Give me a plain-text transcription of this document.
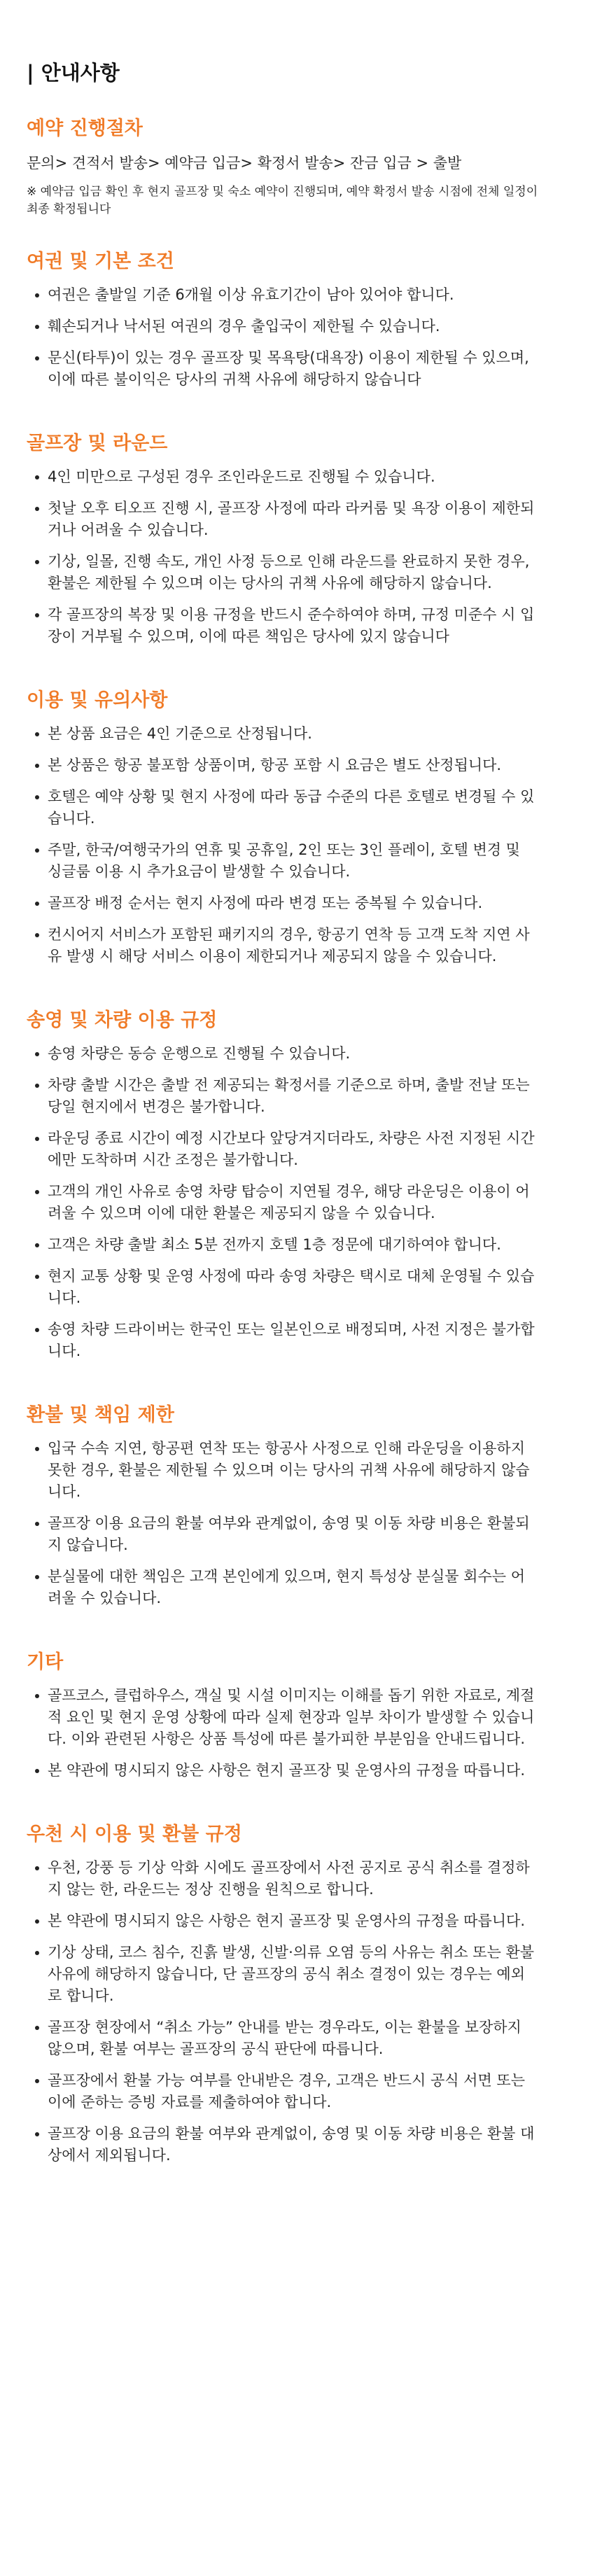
| 안내사항
예약 진행절차

문의> 견적서 발송> 예약금 입금> 확정서 발송> 잔금 입금 > 출발

※ 예약금 입금 확인 후 현지 골프장 및 숙소 예약이 진행되며, 예약 확정서 발송 시점에 전체 일정이 최종 확정됩니다

여권 및 기본 조건
여권은 출발일 기준 6개월 이상 유효기간이 남아 있어야 합니다.
훼손되거나 낙서된 여권의 경우 출입국이 제한될 수 있습니다.
문신(타투)이 있는 경우 골프장 및 목욕탕(대욕장) 이용이 제한될 수 있으며, 이에 따른 불이익은 당사의 귀책 사유에 해당하지 않습니다
골프장 및 라운드
4인 미만으로 구성된 경우 조인라운드로 진행될 수 있습니다.
첫날 오후 티오프 진행 시, 골프장 사정에 따라 라커룸 및 욕장 이용이 제한되거나 어려울 수 있습니다.
기상, 일몰, 진행 속도, 개인 사정 등으로 인해 라운드를 완료하지 못한 경우, 환불은 제한될 수 있으며 이는 당사의 귀책 사유에 해당하지 않습니다.
각 골프장의 복장 및 이용 규정을 반드시 준수하여야 하며, 규정 미준수 시 입장이 거부될 수 있으며, 이에 따른 책임은 당사에 있지 않습니다
이용 및 유의사항
본 상품 요금은 4인 기준으로 산정됩니다.
본 상품은 항공 불포함 상품이며, 항공 포함 시 요금은 별도 산정됩니다.
호텔은 예약 상황 및 현지 사정에 따라 동급 수준의 다른 호텔로 변경될 수 있습니다.
주말, 한국/여행국가의 연휴 및 공휴일, 2인 또는 3인 플레이, 호텔 변경 및 싱글룸 이용 시 추가요금이 발생할 수 있습니다.
골프장 배정 순서는 현지 사정에 따라 변경 또는 중복될 수 있습니다.
컨시어지 서비스가 포함된 패키지의 경우, 항공기 연착 등 고객 도착 지연 사유 발생 시 해당 서비스 이용이 제한되거나 제공되지 않을 수 있습니다.
송영 및 차량 이용 규정
송영 차량은 동승 운행으로 진행될 수 있습니다.
차량 출발 시간은 출발 전 제공되는 확정서를 기준으로 하며, 출발 전날 또는 당일 현지에서 변경은 불가합니다.
라운딩 종료 시간이 예정 시간보다 앞당겨지더라도, 차량은 사전 지정된 시간에만 도착하며 시간 조정은 불가합니다.
고객의 개인 사유로 송영 차량 탑승이 지연될 경우, 해당 라운딩은 이용이 어려울 수 있으며 이에 대한 환불은 제공되지 않을 수 있습니다.
고객은 차량 출발 최소 5분 전까지 호텔 1층 정문에 대기하여야 합니다.
현지 교통 상황 및 운영 사정에 따라 송영 차량은 택시로 대체 운영될 수 있습니다.
송영 차량 드라이버는 한국인 또는 일본인으로 배정되며, 사전 지정은 불가합니다.
환불 및 책임 제한
입국 수속 지연, 항공편 연착 또는 항공사 사정으로 인해 라운딩을 이용하지 못한 경우, 환불은 제한될 수 있으며 이는 당사의 귀책 사유에 해당하지 않습니다.
골프장 이용 요금의 환불 여부와 관계없이, 송영 및 이동 차량 비용은 환불되지 않습니다.
분실물에 대한 책임은 고객 본인에게 있으며, 현지 특성상 분실물 회수는 어려울 수 있습니다.
기타
골프코스, 클럽하우스, 객실 및 시설 이미지는 이해를 돕기 위한 자료로, 계절적 요인 및 현지 운영 상황에 따라 실제 현장과 일부 차이가 발생할 수 있습니다. 이와 관련된 사항은 상품 특성에 따른 불가피한 부분임을 안내드립니다.
본 약관에 명시되지 않은 사항은 현지 골프장 및 운영사의 규정을 따릅니다.
우천 시 이용 및 환불 규정
우천, 강풍 등 기상 악화 시에도 골프장에서 사전 공지로 공식 취소를 결정하지 않는 한, 라운드는 정상 진행을 원칙으로 합니다.
본 약관에 명시되지 않은 사항은 현지 골프장 및 운영사의 규정을 따릅니다.
기상 상태, 코스 침수, 진흙 발생, 신발·의류 오염 등의 사유는 취소 또는 환불 사유에 해당하지 않습니다, 단 골프장의 공식 취소 결정이 있는 경우는 예외로 합니다.
골프장 현장에서 “취소 가능” 안내를 받는 경우라도, 이는 환불을 보장하지 않으며, 환불 여부는 골프장의 공식 판단에 따릅니다.
골프장에서 환불 가능 여부를 안내받은 경우, 고객은 반드시 공식 서면 또는 이에 준하는 증빙 자료를 제출하여야 합니다.
골프장 이용 요금의 환불 여부와 관계없이, 송영 및 이동 차량 비용은 환불 대상에서 제외됩니다.
